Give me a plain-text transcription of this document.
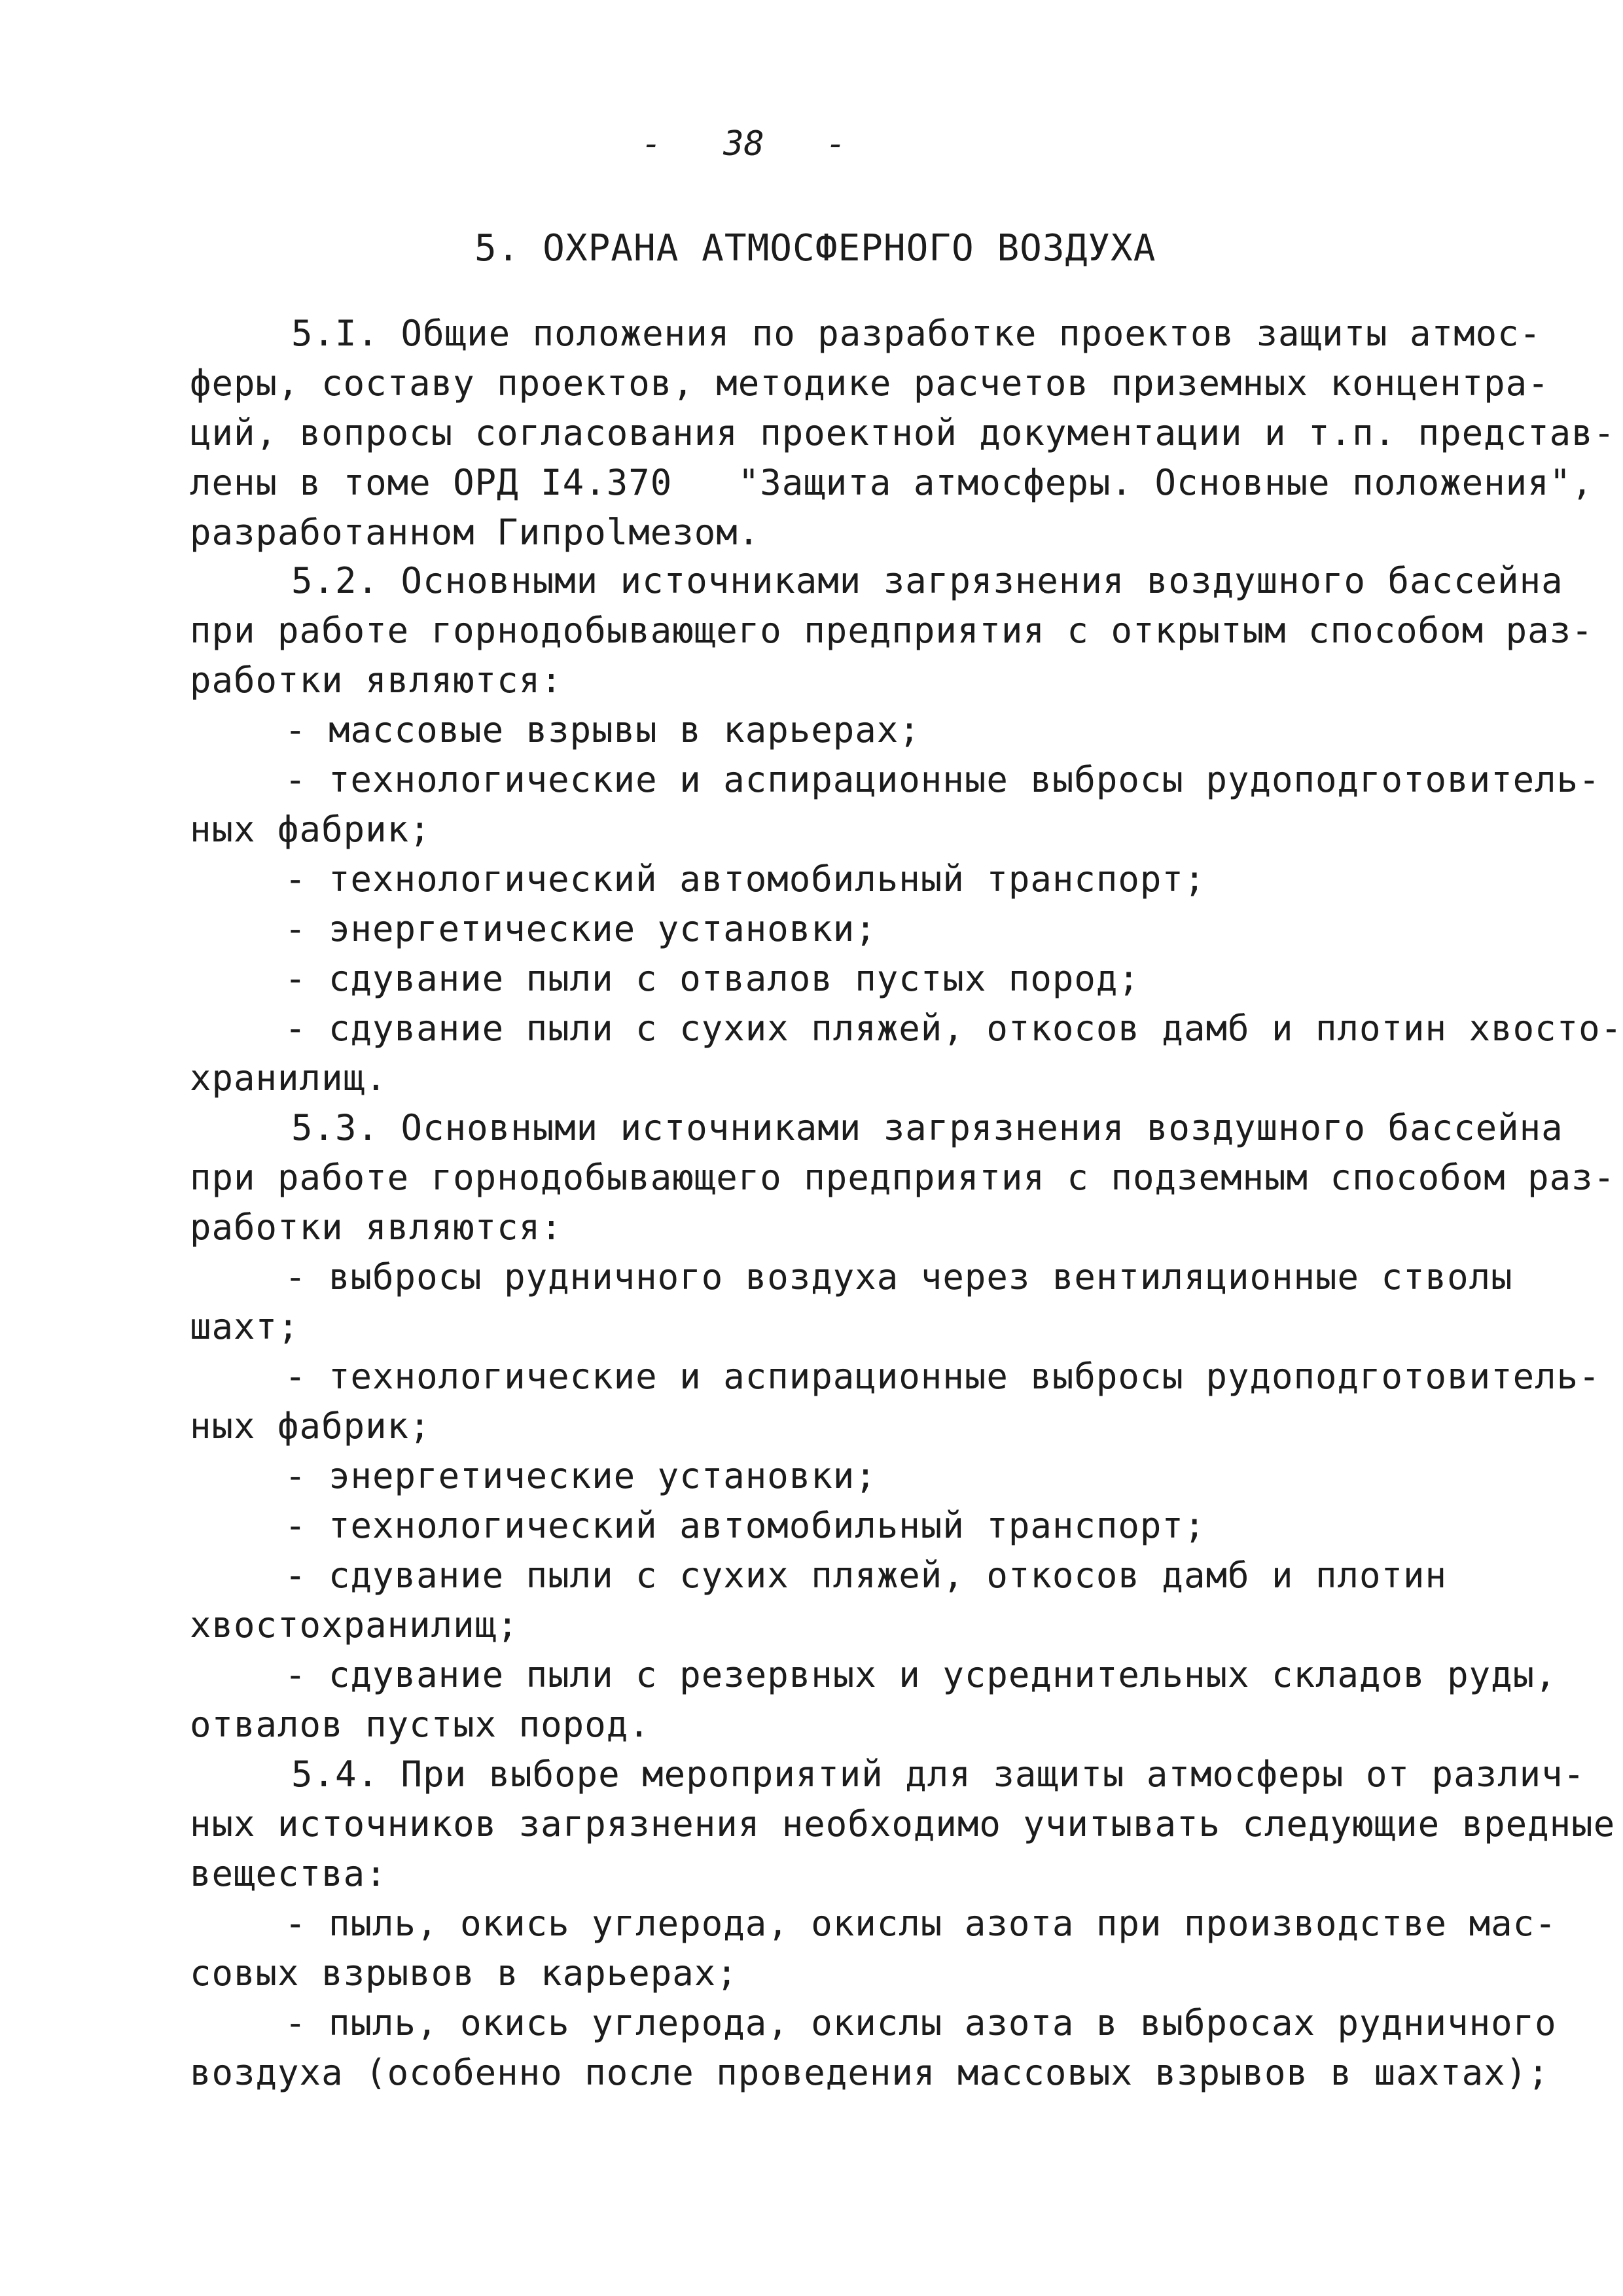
-   38   -
5. ОХРАНА АТМОСФЕРНОГО ВОЗДУХА
5.I. Общие положения по разработке проектов защиты атмос-
феры, составу проектов, методике расчетов приземных концентра-
ций, вопросы согласования проектной документации и т.п. представ-
лены в томе ОРД I4.370   "Защита атмосферы. Основные положения",
разработанном Гипроlмезом.
5.2. Основными источниками загрязнения воздушного бассейна
при работе горнодобывающего предприятия с открытым способом раз-
работки являются:
- массовые взрывы в карьерах;
- технологические и аспирационные выбросы рудоподготовитель-
ных фабрик;
- технологический автомобильный транспорт;
- энергетические установки;
- сдувание пыли с отвалов пустых пород;
- сдувание пыли с сухих пляжей, откосов дамб и плотин хвосто-
хранилищ.
5.3. Основными источниками загрязнения воздушного бассейна
при работе горнодобывающего предприятия с подземным способом раз-
работки являются:
- выбросы рудничного воздуха через вентиляционные стволы
шахт;
- технологические и аспирационные выбросы рудоподготовитель-
ных фабрик;
- энергетические установки;
- технологический автомобильный транспорт;
- сдувание пыли с сухих пляжей, откосов дамб и плотин
хвостохранилищ;
- сдувание пыли с резервных и усреднительных складов руды,
отвалов пустых пород.
5.4. При выборе мероприятий для защиты атмосферы от различ-
ных источников загрязнения необходимо учитывать следующие вредные
вещества:
- пыль, окись углерода, окислы азота при производстве мас-
совых взрывов в карьерах;
- пыль, окись углерода, окислы азота в выбросах рудничного
воздуха (особенно после проведения массовых взрывов в шахтах);
